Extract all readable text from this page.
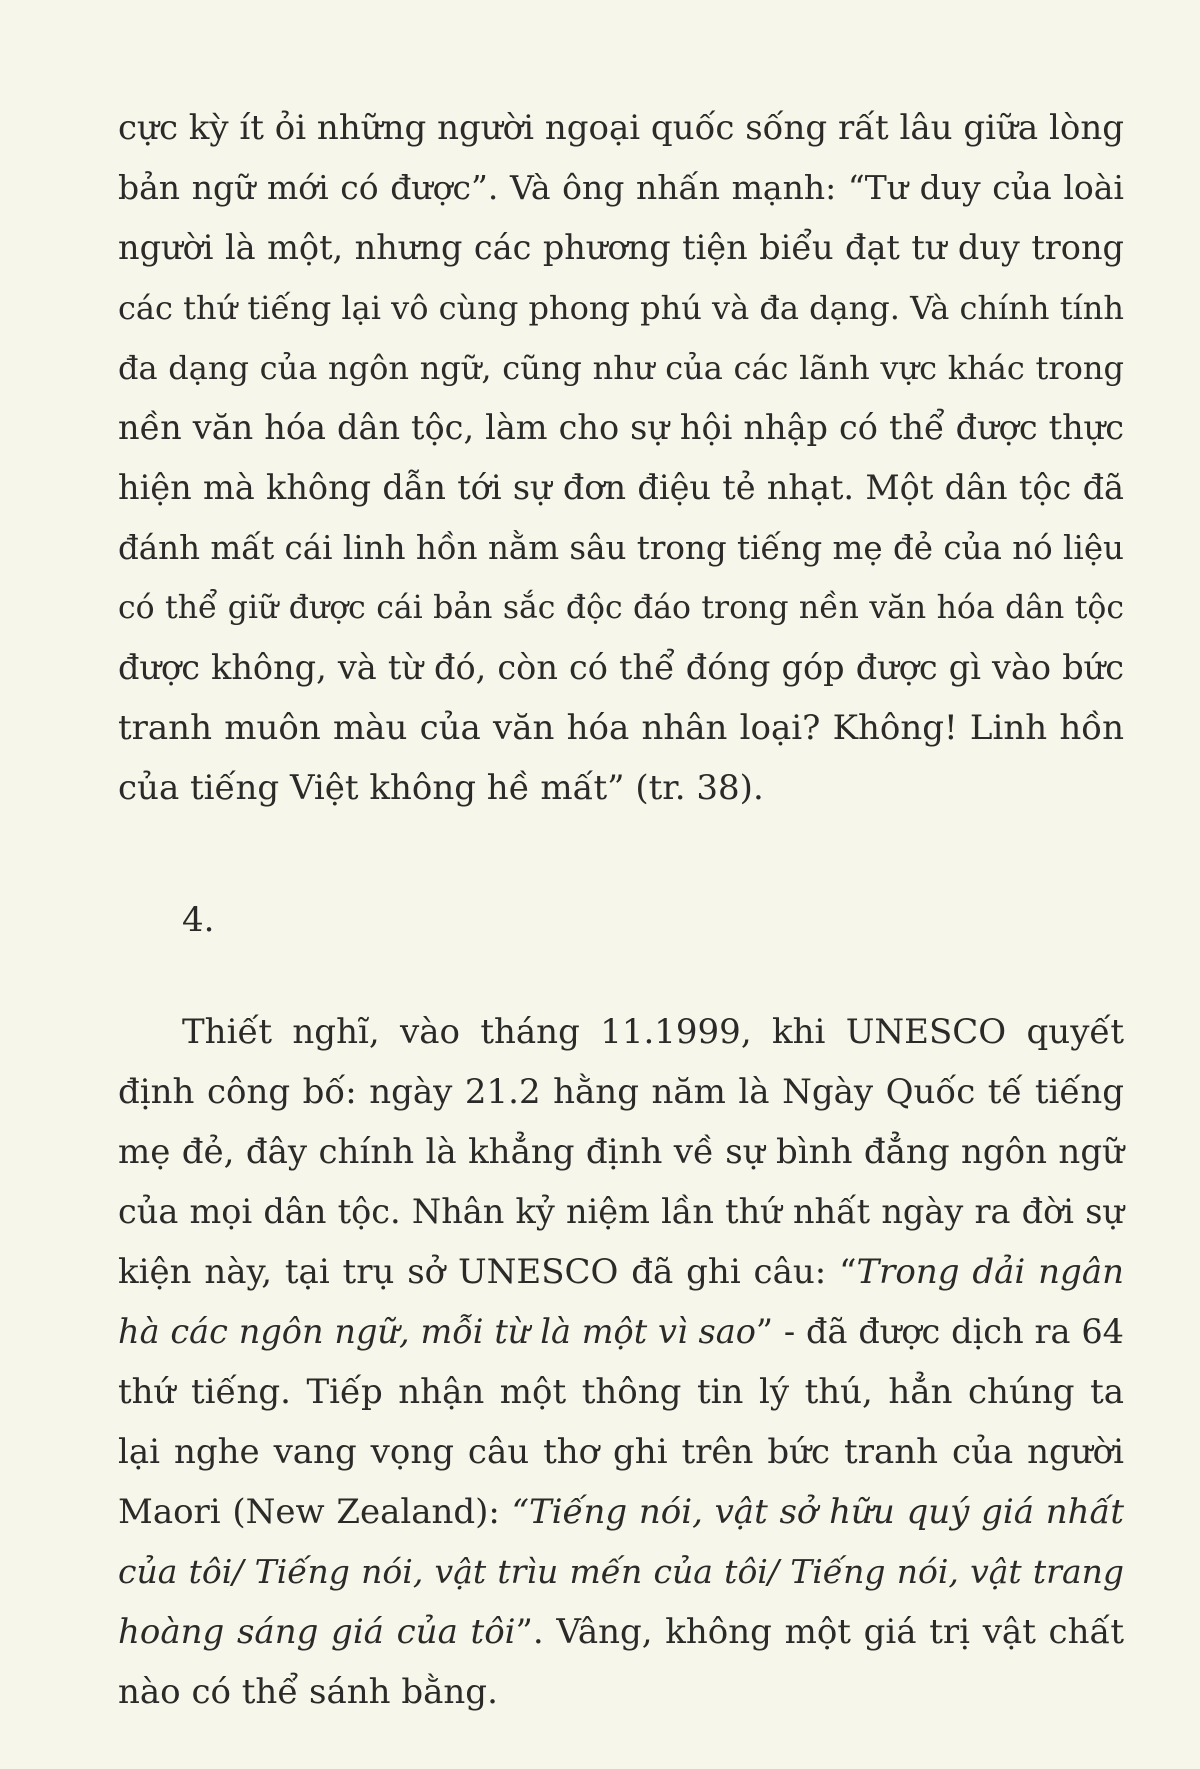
cực kỳ ít ỏi những người ngoại quốc sống rất lâu giữa lòng
bản ngữ mới có được”. Và ông nhấn mạnh: “Tư duy của loài
người là một, nhưng các phương tiện biểu đạt tư duy trong
các thứ tiếng lại vô cùng phong phú và đa dạng. Và chính tính
đa dạng của ngôn ngữ, cũng như của các lãnh vực khác trong
nền văn hóa dân tộc, làm cho sự hội nhập có thể được thực
hiện mà không dẫn tới sự đơn điệu tẻ nhạt. Một dân tộc đã
đánh mất cái linh hồn nằm sâu trong tiếng mẹ đẻ của nó liệu
có thể giữ được cái bản sắc độc đáo trong nền văn hóa dân tộc
được không, và từ đó, còn có thể đóng góp được gì vào bức
tranh muôn màu của văn hóa nhân loại? Không! Linh hồn
của tiếng Việt không hề mất” (tr. 38).
4.
Thiết nghĩ, vào tháng 11.1999, khi UNESCO quyết
định công bố: ngày 21.2 hằng năm là Ngày Quốc tế tiếng
mẹ đẻ, đây chính là khẳng định về sự bình đẳng ngôn ngữ
của mọi dân tộc. Nhân kỷ niệm lần thứ nhất ngày ra đời sự
kiện này, tại trụ sở UNESCO đã ghi câu: “Trong dải ngân
hà các ngôn ngữ, mỗi từ là một vì sao” - đã được dịch ra 64
thứ tiếng. Tiếp nhận một thông tin lý thú, hẳn chúng ta
lại nghe vang vọng câu thơ ghi trên bức tranh của người
Maori (New Zealand): “Tiếng nói, vật sở hữu quý giá nhất
của tôi/ Tiếng nói, vật trìu mến của tôi/ Tiếng nói, vật trang
hoàng sáng giá của tôi”. Vâng, không một giá trị vật chất
nào có thể sánh bằng.
